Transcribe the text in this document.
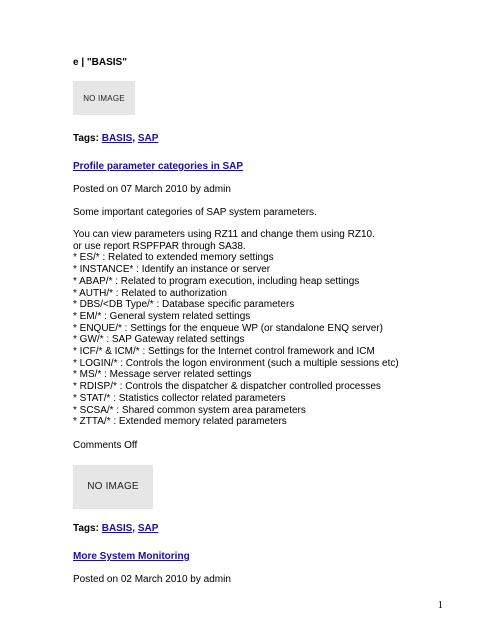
e | "BASIS"
NO IMAGE
Tags: BASIS, SAP
Profile parameter categories in SAP

Posted on 07 March 2010 by admin

Some important categories of SAP system parameters.

You can view parameters using RZ11 and change them using RZ10.
or use report RSPFPAR through SA38.
* ES/* : Related to extended memory settings
* INSTANCE* : Identify an instance or server
* ABAP/* : Related to program execution, including heap settings
* AUTH/* : Related to authorization
* DBS/<DB Type/* : Database specific parameters
* EM/* : General system related settings
* ENQUE/* : Settings for the enqueue WP (or standalone ENQ server)
* GW/* : SAP Gateway related settings
* ICF/* & ICM/* : Settings for the Internet control framework and ICM
* LOGIN/* : Controls the logon environment (such a multiple sessions etc)
* MS/* : Message server related settings
* RDISP/* : Controls the dispatcher & dispatcher controlled processes
* STAT/* : Statistics collector related parameters
* SCSA/* : Shared common system area parameters
* ZTTA/* : Extended memory related parameters

Comments Off

NO IMAGE
Tags: BASIS, SAP
More System Monitoring

Posted on 02 March 2010 by admin

1
